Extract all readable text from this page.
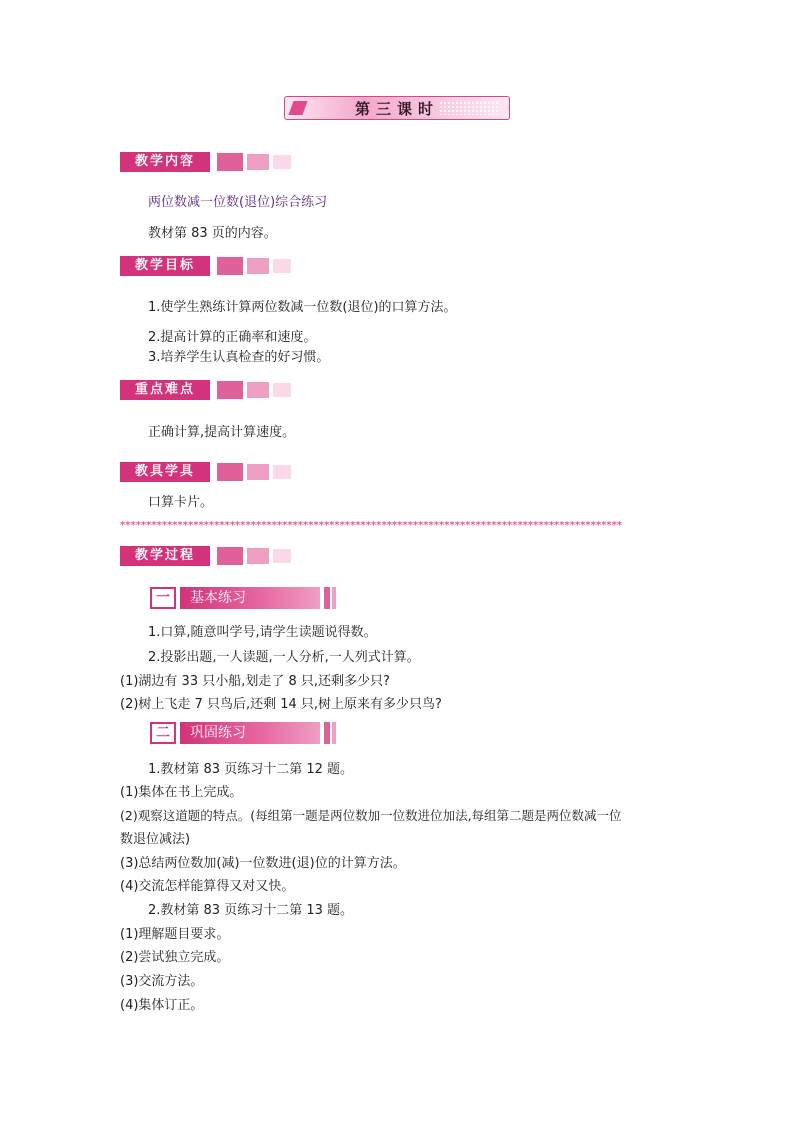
第三课时
教学内容
两位数减一位数(退位)综合练习
教材第 83 页的内容。
教学目标
1.使学生熟练计算两位数减一位数(退位)的口算方法。
2.提高计算的正确率和速度。
3.培养学生认真检查的好习惯。
重点难点
正确计算,提高计算速度。
教具学具
口算卡片。
************************************************************************************************
教学过程
一	基本练习
1.口算,随意叫学号,请学生读题说得数。
2.投影出题,一人读题,一人分析,一人列式计算。
(1)湖边有 33 只小船,划走了 8 只,还剩多少只?
(2)树上飞走 7 只鸟后,还剩 14 只,树上原来有多少只鸟?
二	巩固练习
1.教材第 83 页练习十二第 12 题。
(1)集体在书上完成。
(2)观察这道题的特点。(每组第一题是两位数加一位数进位加法,每组第二题是两位数减一位
数退位减法)
(3)总结两位数加(减)一位数进(退)位的计算方法。
(4)交流怎样能算得又对又快。
2.教材第 83 页练习十二第 13 题。
(1)理解题目要求。
(2)尝试独立完成。
(3)交流方法。
(4)集体订正。
